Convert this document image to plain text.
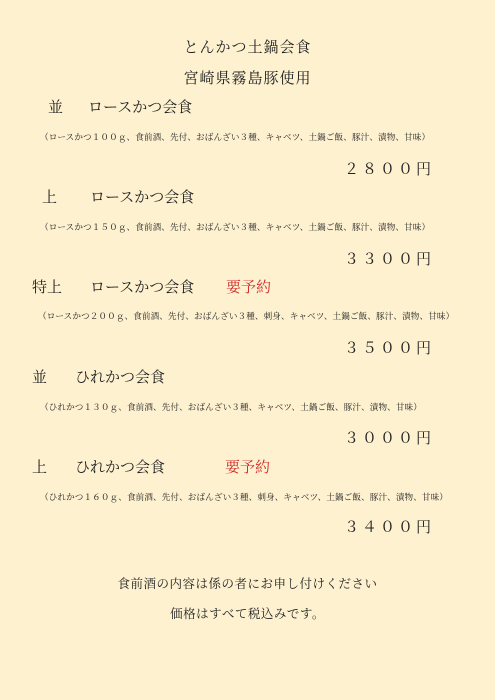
とんかつ土鍋会食
宮崎県霧島豚使用
並 ロースかつ会食
（ロースかつ１００ｇ、食前酒、先付、おばんざい３種、キャベツ、土鍋ご飯、豚汁、漬物、甘味）
２８００円
上 ロースかつ会食
（ロースかつ１５０ｇ、食前酒、先付、おばんざい３種、キャベツ、土鍋ご飯、豚汁、漬物、甘味）
３３００円
特上 ロースかつ会食 要予約
（ロースかつ２００ｇ、食前酒、先付、おばんざい３種、刺身、キャベツ、土鍋ご飯、豚汁、漬物、甘味）
３５００円
並 ひれかつ会食
（ひれかつ１３０ｇ、食前酒、先付、おばんざい３種、キャベツ、土鍋ご飯、豚汁、漬物、甘味）
３０００円
上 ひれかつ会食	要予約
（ひれかつ１６０ｇ、食前酒、先付、おばんざい３種、刺身、キャベツ、土鍋ご飯、豚汁、漬物、甘味）
３４００円
食前酒の内容は係の者にお申し付けください
価格はすべて税込みです。
